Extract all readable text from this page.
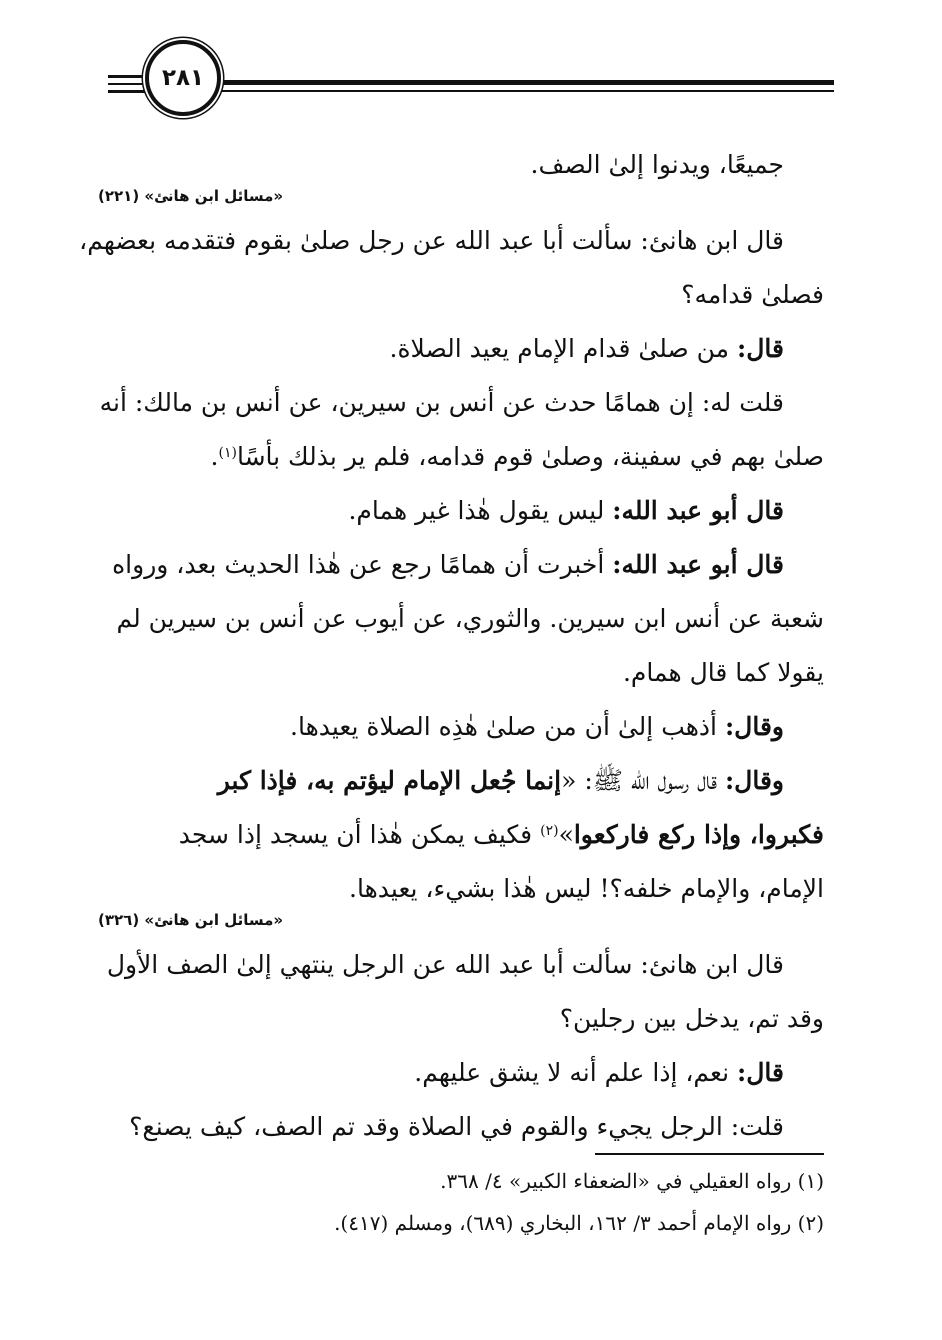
٢٨١
جميعًا، ويدنوا إلىٰ الصف.
«مسائل ابن هانئ» (٢٢١)
قال ابن هانئ: سألت أبا عبد الله عن رجل صلىٰ بقوم فتقدمه بعضهم،
فصلىٰ قدامه؟
قال: من صلىٰ قدام الإمام يعيد الصلاة.
قلت له: إن همامًا حدث عن أنس بن سيرين، عن أنس بن مالك: أنه
صلىٰ بهم في سفينة، وصلىٰ قوم قدامه، فلم ير بذلك بأسًا$^{(١)}$.
قال أبو عبد الله: ليس يقول هٰذا غير همام.
قال أبو عبد الله: أخبرت أن همامًا رجع عن هٰذا الحديث بعد، ورواه
شعبة عن أنس ابن سيرين. والثوري، عن أيوب عن أنس بن سيرين لم
يقولا كما قال همام.
وقال: أذهب إلىٰ أن من صلىٰ هٰذِه الصلاة يعيدها.
وقال: قال رسول الله ﷺ: «إنما جُعل الإمام ليؤتم به، فإذا كبر
فكبروا، وإذا ركع فاركعوا»$^{(٢)}$ فكيف يمكن هٰذا أن يسجد إذا سجد
الإمام، والإمام خلفه؟! ليس هٰذا بشيء، يعيدها.
«مسائل ابن هانئ» (٣٢٦)
قال ابن هانئ: سألت أبا عبد الله عن الرجل ينتهي إلىٰ الصف الأول
وقد تم، يدخل بين رجلين؟
قال: نعم، إذا علم أنه لا يشق عليهم.
قلت: الرجل يجيء والقوم في الصلاة وقد تم الصف، كيف يصنع؟
(١) رواه العقيلي في «الضعفاء الكبير» ٤/ ٣٦٨.
(٢) رواه الإمام أحمد ٣/ ١٦٢، البخاري (٦٨٩)، ومسلم (٤١٧).
